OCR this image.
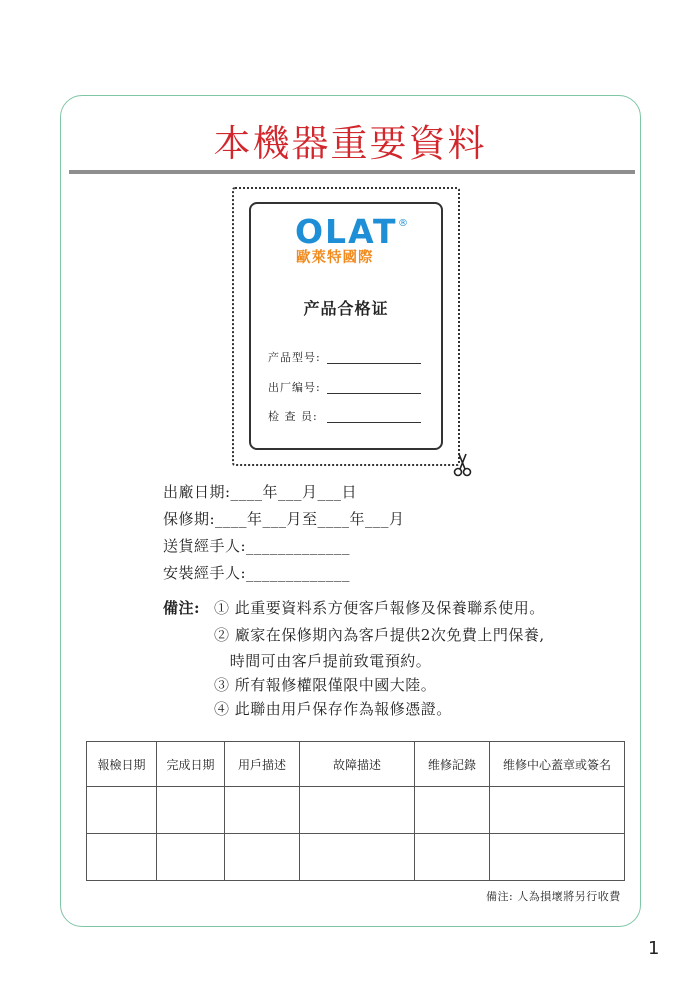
本機器重要資料
OLAT ®
歐萊特國際
产品合格证
产品型号:
出厂编号:
检 查 员:
出廠日期:____年___月___日
保修期:____年___月至____年___月
送貨經手人:_____________
安裝經手人:_____________
備注: ① 此重要資料系方便客戶報修及保養聯系使用。
② 廠家在保修期內為客戶提供2次免費上門保養,
時間可由客戶提前致電預約。
③ 所有報修權限僅限中國大陸。
④ 此聯由用戶保存作為報修憑證。
報檢日期	完成日期	用戶描述	故障描述	维修記錄	维修中心蓋章或簽名

備注: 人為損壞將另行收費
1
